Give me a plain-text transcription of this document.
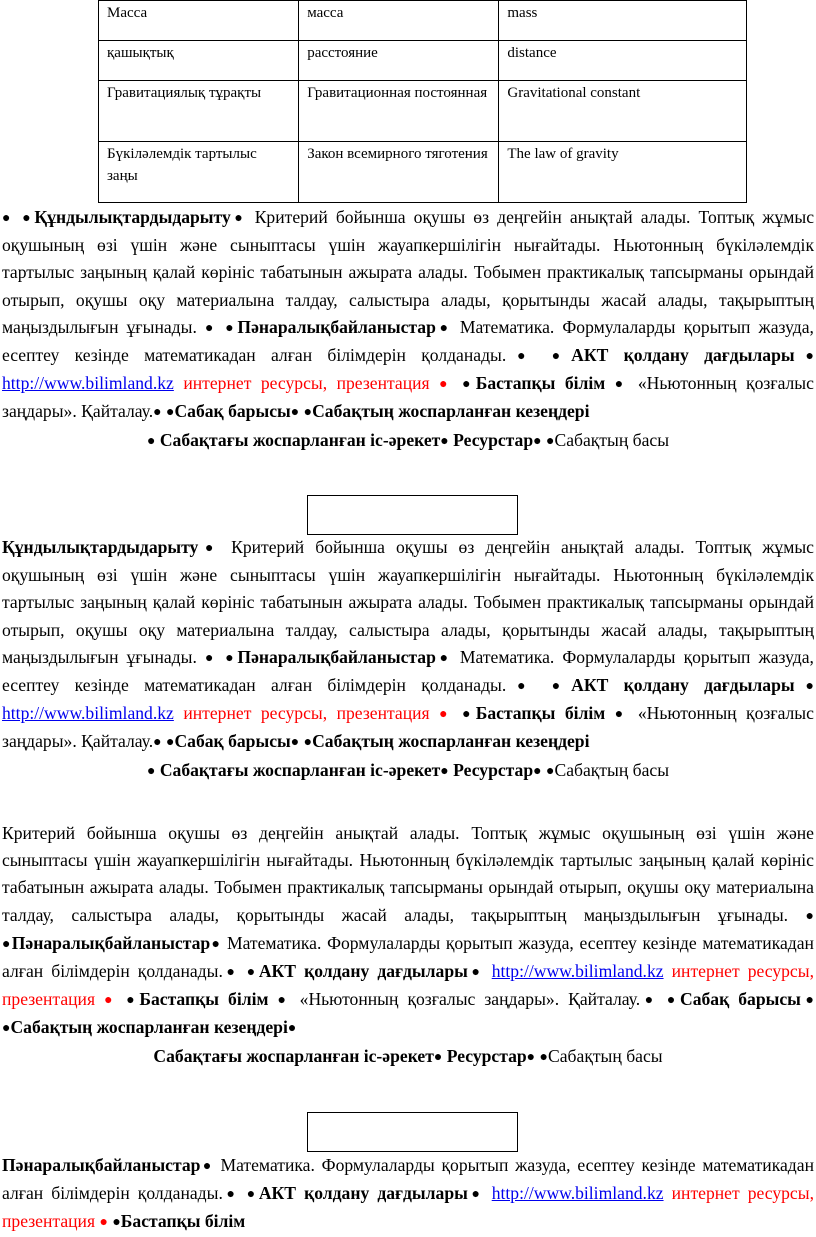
Масса	масса	mass
қашықтық	расстояние	distance
Гравитациялық тұрақты	Гравитационная постоянная	Gravitational constant
Бүкіләлемдік тартылыс заңы	Закон всемирного тяготения	The law of gravity

● ●Құндылықтардыдарыту● Критерий бойынша оқушы өз деңгейін анықтай алады. Топтық жұмыс оқушының өзі үшін және сыныптасы үшін жауапкершілігін нығайтады. Ньютонның бүкіләлемдік тартылыс заңының қалай көрініс табатынын ажырата алады. Тобымен практикалық тапсырманы орындай отырып, оқушы оқу материалына талдау, салыстыра алады, қорытынды жасай алады, тақырыптың маңыздылығын ұғынады. ● ●Пәнаралықбайланыстар● Математика. Формулаларды қорытып жазуда, есептеу кезінде математикадан алған білімдерін қолданады.● ●АКТ қолдану дағдылары● http://www.bilimland.kz интернет ресурсы, презентация ● ●Бастапқы білім ● «Ньютонның қозғалыс заңдары». Қайталау.● ●Сабақ барысы● ●Сабақтың жоспарланған кезеңдері

● Сабақтағы жоспарланған іс-әрекет● Ресурстар● ●Сабақтың басы

Құндылықтардыдарыту● Критерий бойынша оқушы өз деңгейін анықтай алады. Топтық жұмыс оқушының өзі үшін және сыныптасы үшін жауапкершілігін нығайтады. Ньютонның бүкіләлемдік тартылыс заңының қалай көрініс табатынын ажырата алады. Тобымен практикалық тапсырманы орындай отырып, оқушы оқу материалына талдау, салыстыра алады, қорытынды жасай алады, тақырыптың маңыздылығын ұғынады. ● ●Пәнаралықбайланыстар● Математика. Формулаларды қорытып жазуда, есептеу кезінде математикадан алған білімдерін қолданады.● ●АКТ қолдану дағдылары● http://www.bilimland.kz интернет ресурсы, презентация ● ●Бастапқы білім ● «Ньютонның қозғалыс заңдары». Қайталау.● ●Сабақ барысы● ●Сабақтың жоспарланған кезеңдері

● Сабақтағы жоспарланған іс-әрекет● Ресурстар● ●Сабақтың басы

Критерий бойынша оқушы өз деңгейін анықтай алады. Топтық жұмыс оқушының өзі үшін және сыныптасы үшін жауапкершілігін нығайтады. Ньютонның бүкіләлемдік тартылыс заңының қалай көрініс табатынын ажырата алады. Тобымен практикалық тапсырманы орындай отырып, оқушы оқу материалына талдау, салыстыра алады, қорытынды жасай алады, тақырыптың маңыздылығын ұғынады. ● ●Пәнаралықбайланыстар● Математика. Формулаларды қорытып жазуда, есептеу кезінде математикадан алған білімдерін қолданады.● ●АКТ қолдану дағдылары● http://www.bilimland.kz интернет ресурсы, презентация ● ●Бастапқы білім ● «Ньютонның қозғалыс заңдары». Қайталау.● ●Сабақ барысы● ●Сабақтың жоспарланған кезеңдері●

Сабақтағы жоспарланған іс-әрекет● Ресурстар● ●Сабақтың басы

Пәнаралықбайланыстар● Математика. Формулаларды қорытып жазуда, есептеу кезінде математикадан алған білімдерін қолданады.● ●АКТ қолдану дағдылары● http://www.bilimland.kz интернет ресурсы, презентация ● ●Бастапқы білім
